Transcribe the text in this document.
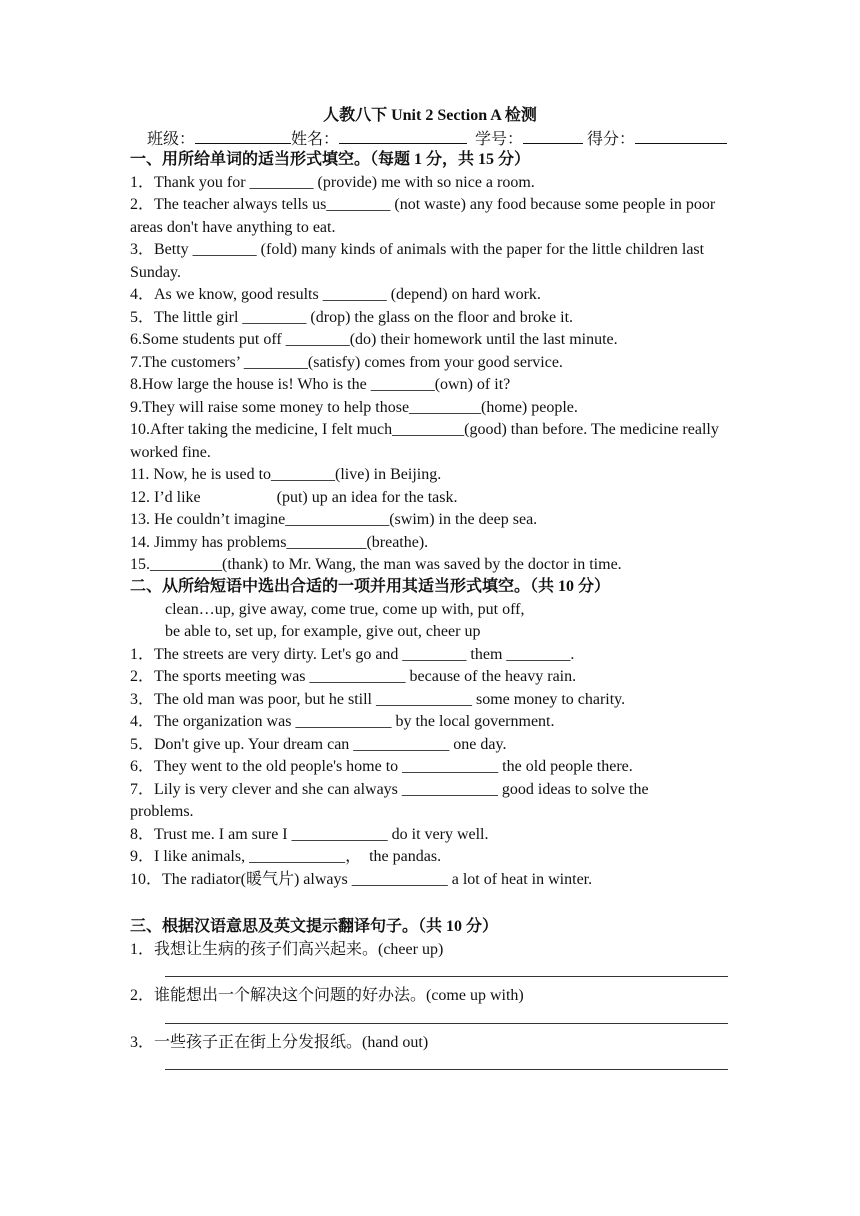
人教八下 Unit 2 Section A 检测
班级：	姓名：	学号：	得分：
一、用所给单词的适当形式填空。（每题 1 分，共 15 分）
1．Thank you for ________ (provide) me with so nice a room.
2．The teacher always tells us________ (not waste) any food because some people in poor areas don't have anything to eat.
3．Betty ________ (fold) many kinds of animals with the paper for the little children last Sunday.
4．As we know, good results ________ (depend) on hard work.
5．The little girl ________ (drop) the glass on the floor and broke it.
6.Some students put off ________(do) their homework until the last minute.
7.The customers’ ________(satisfy) comes from your good service.
8.How large the house is! Who is the ________(own) of it?
9.They will raise some money to help those_________(home) people.
10.After taking the medicine, I felt much_________(good) than before. The medicine really worked fine.
11. Now, he is used to________(live) in Beijing.
12. I’d like                   (put) up an idea for the task.
13. He couldn’t imagine_____________(swim) in the deep sea.
14. Jimmy has problems__________(breathe).
15._________(thank) to Mr. Wang, the man was saved by the doctor in time.
二、从所给短语中选出合适的一项并用其适当形式填空。（共 10 分）
clean…up, give away, come true, come up with, put off,
be able to, set up, for example, give out, cheer up
1．The streets are very dirty. Let's go and ________ them ________.
2．The sports meeting was ____________ because of the heavy rain.
3．The old man was poor, but he still ____________ some money to charity.
4．The organization was ____________ by the local government.
5．Don't give up. Your dream can ____________ one day.
6．They went to the old people's home to ____________ the old people there.
7．Lily is very clever and she can always ____________ good ideas to solve the problems.
8．Trust me. I am sure I ____________ do it very well.
9．I like animals, ____________，  the pandas.
10．The radiator(暖气片) always ____________ a lot of heat in winter.
三、根据汉语意思及英文提示翻译句子。（共 10 分）
1．我想让生病的孩子们高兴起来。(cheer up)
2．谁能想出一个解决这个问题的好办法。(come up with)
3．一些孩子正在街上分发报纸。(hand out)
